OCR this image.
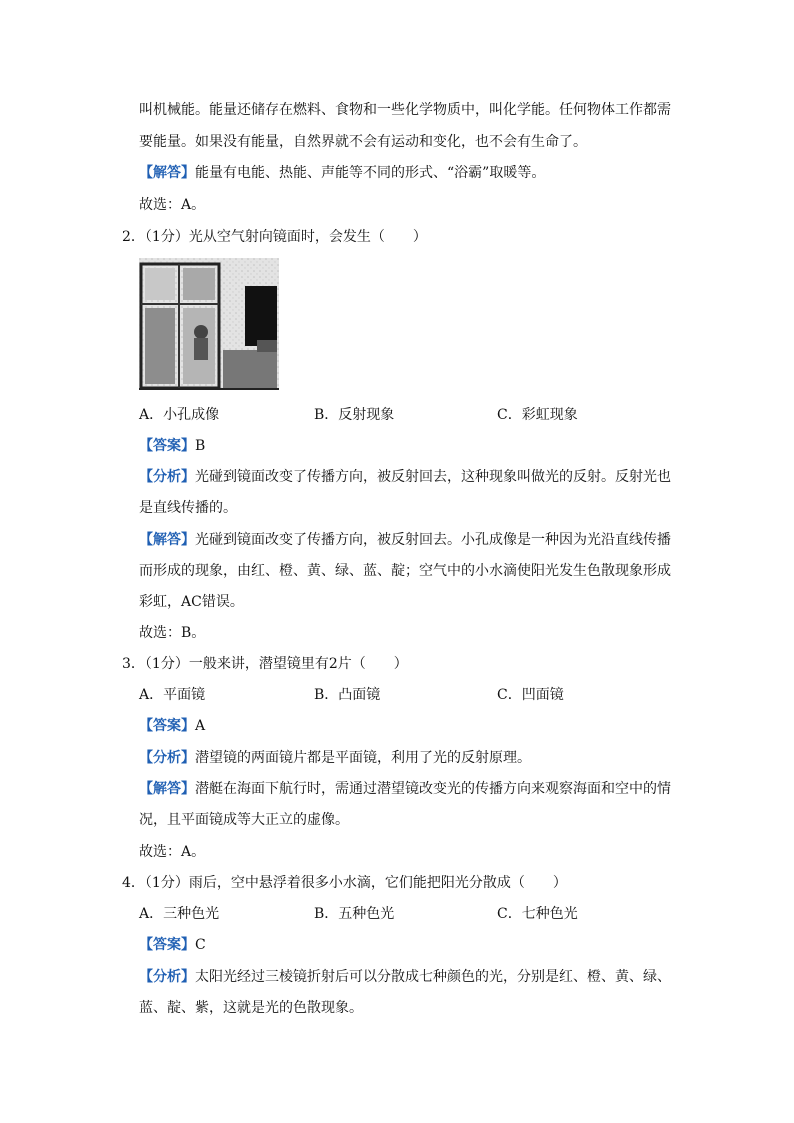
叫机械能。能量还储存在燃料、食物和一些化学物质中，叫化学能。任何物体工作都需
要能量。如果没有能量，自然界就不会有运动和变化，也不会有生命了。
【解答】能量有电能、热能、声能等不同的形式、“浴霸”取暖等。
故选：A。
2．（1分）光从空气射向镜面时，会发生（　　）
A．小孔成像	B．反射现象	C．彩虹现象
【答案】B
【分析】光碰到镜面改变了传播方向，被反射回去，这种现象叫做光的反射。反射光也
是直线传播的。
【解答】光碰到镜面改变了传播方向，被反射回去。小孔成像是一种因为光沿直线传播
而形成的现象，由红、橙、黄、绿、蓝、靛；空气中的小水滴使阳光发生色散现象形成
彩虹，AC错误。
故选：B。
3．（1分）一般来讲，潜望镜里有2片（　　）
A．平面镜	B．凸面镜	C．凹面镜
【答案】A
【分析】潜望镜的两面镜片都是平面镜，利用了光的反射原理。
【解答】潜艇在海面下航行时，需通过潜望镜改变光的传播方向来观察海面和空中的情
况，且平面镜成等大正立的虚像。
故选：A。
4．（1分）雨后，空中悬浮着很多小水滴，它们能把阳光分散成（　　）
A．三种色光	B．五种色光	C．七种色光
【答案】C
【分析】太阳光经过三棱镜折射后可以分散成七种颜色的光，分别是红、橙、黄、绿、
蓝、靛、紫，这就是光的色散现象。
